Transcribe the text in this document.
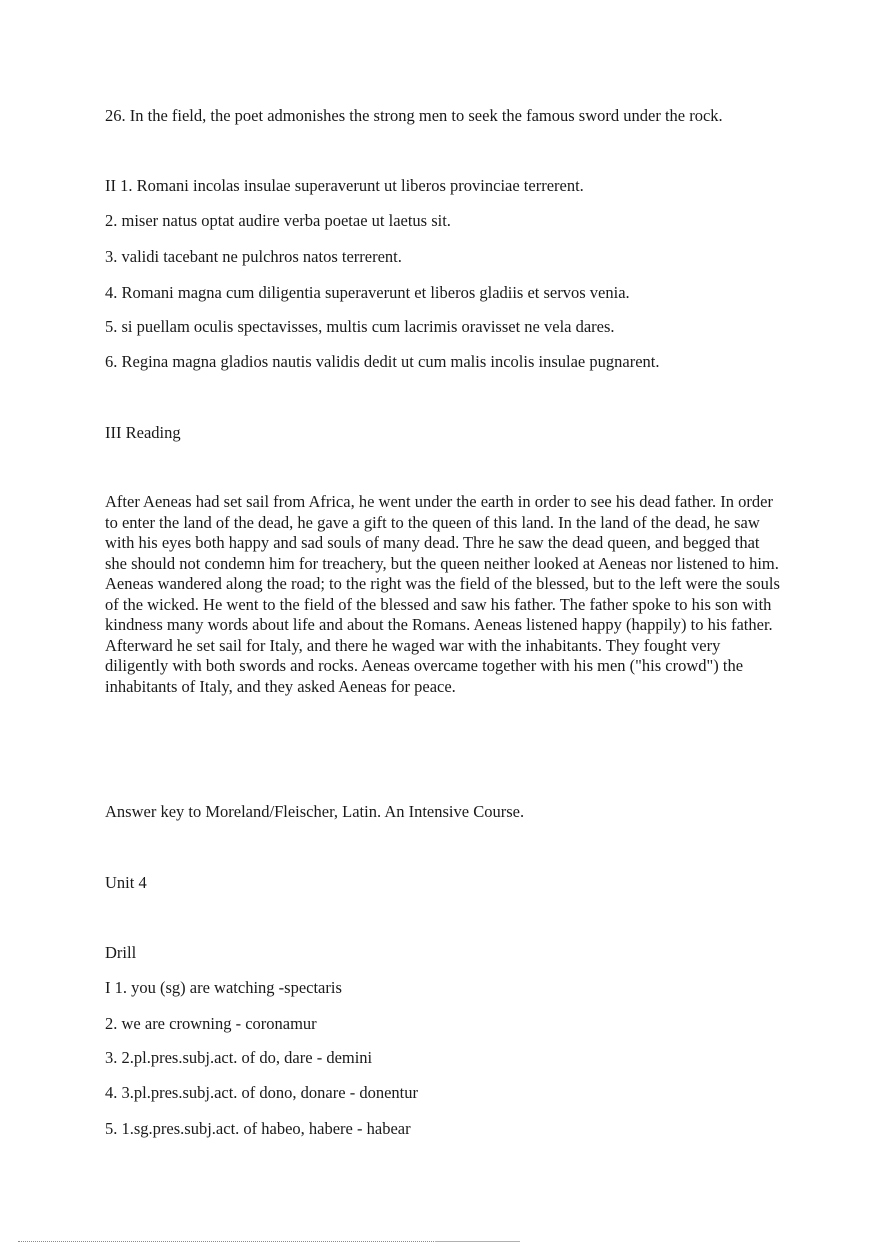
26. In the field, the poet admonishes the strong men to seek the famous sword under the rock.
II 1. Romani incolas insulae superaverunt ut liberos provinciae terrerent.
2. miser natus optat audire verba poetae ut laetus sit.
3. validi tacebant ne pulchros natos terrerent.
4. Romani magna cum diligentia superaverunt et liberos gladiis et servos venia.
5. si puellam oculis spectavisses, multis cum lacrimis oravisset ne vela dares.
6. Regina magna gladios nautis validis dedit ut cum malis incolis insulae pugnarent.
III Reading
After Aeneas had set sail from Africa, he went under the earth in order to see his dead father. In order to enter the land of the dead, he gave a gift to the queen of this land. In the land of the dead, he saw with his eyes both happy and sad souls of many dead. Thre he saw the dead queen, and begged that she should not condemn him for treachery, but the queen neither looked at Aeneas nor listened to him. Aeneas wandered along the road; to the right was the field of the blessed, but to the left were the souls of the wicked. He went to the field of the blessed and saw his father. The father spoke to his son with kindness many words about life and about the Romans. Aeneas listened happy (happily) to his father. Afterward he set sail for Italy, and there he waged war with the inhabitants. They fought very diligently with both swords and rocks. Aeneas overcame together with his men ("his crowd") the inhabitants of Italy, and they asked Aeneas for peace.
Answer key to Moreland/Fleischer, Latin. An Intensive Course.
Unit 4
Drill
I 1. you (sg) are watching -spectaris
2. we are crowning - coronamur
3. 2.pl.pres.subj.act. of do, dare - demini
4. 3.pl.pres.subj.act. of dono, donare - donentur
5. 1.sg.pres.subj.act. of habeo, habere - habear
